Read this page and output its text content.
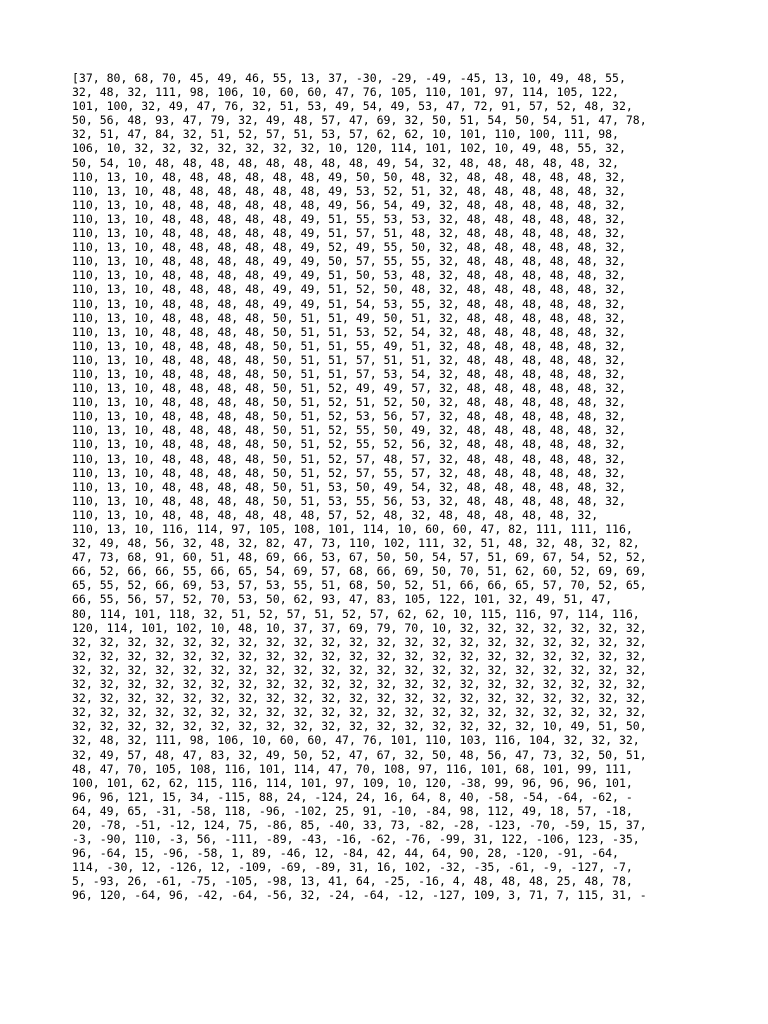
[37, 80, 68, 70, 45, 49, 46, 55, 13, 37, -30, -29, -49, -45, 13, 10, 49, 48, 55,
32, 48, 32, 111, 98, 106, 10, 60, 60, 47, 76, 105, 110, 101, 97, 114, 105, 122,
101, 100, 32, 49, 47, 76, 32, 51, 53, 49, 54, 49, 53, 47, 72, 91, 57, 52, 48, 32,
50, 56, 48, 93, 47, 79, 32, 49, 48, 57, 47, 69, 32, 50, 51, 54, 50, 54, 51, 47, 78,
32, 51, 47, 84, 32, 51, 52, 57, 51, 53, 57, 62, 62, 10, 101, 110, 100, 111, 98,
106, 10, 32, 32, 32, 32, 32, 32, 32, 10, 120, 114, 101, 102, 10, 49, 48, 55, 32,
50, 54, 10, 48, 48, 48, 48, 48, 48, 48, 48, 49, 54, 32, 48, 48, 48, 48, 48, 32,
110, 13, 10, 48, 48, 48, 48, 48, 48, 49, 50, 50, 48, 32, 48, 48, 48, 48, 48, 32,
110, 13, 10, 48, 48, 48, 48, 48, 48, 49, 53, 52, 51, 32, 48, 48, 48, 48, 48, 32,
110, 13, 10, 48, 48, 48, 48, 48, 48, 49, 56, 54, 49, 32, 48, 48, 48, 48, 48, 32,
110, 13, 10, 48, 48, 48, 48, 48, 49, 51, 55, 53, 53, 32, 48, 48, 48, 48, 48, 32,
110, 13, 10, 48, 48, 48, 48, 48, 49, 51, 57, 51, 48, 32, 48, 48, 48, 48, 48, 32,
110, 13, 10, 48, 48, 48, 48, 48, 49, 52, 49, 55, 50, 32, 48, 48, 48, 48, 48, 32,
110, 13, 10, 48, 48, 48, 48, 49, 49, 50, 57, 55, 55, 32, 48, 48, 48, 48, 48, 32,
110, 13, 10, 48, 48, 48, 48, 49, 49, 51, 50, 53, 48, 32, 48, 48, 48, 48, 48, 32,
110, 13, 10, 48, 48, 48, 48, 49, 49, 51, 52, 50, 48, 32, 48, 48, 48, 48, 48, 32,
110, 13, 10, 48, 48, 48, 48, 49, 49, 51, 54, 53, 55, 32, 48, 48, 48, 48, 48, 32,
110, 13, 10, 48, 48, 48, 48, 50, 51, 51, 49, 50, 51, 32, 48, 48, 48, 48, 48, 32,
110, 13, 10, 48, 48, 48, 48, 50, 51, 51, 53, 52, 54, 32, 48, 48, 48, 48, 48, 32,
110, 13, 10, 48, 48, 48, 48, 50, 51, 51, 55, 49, 51, 32, 48, 48, 48, 48, 48, 32,
110, 13, 10, 48, 48, 48, 48, 50, 51, 51, 57, 51, 51, 32, 48, 48, 48, 48, 48, 32,
110, 13, 10, 48, 48, 48, 48, 50, 51, 51, 57, 53, 54, 32, 48, 48, 48, 48, 48, 32,
110, 13, 10, 48, 48, 48, 48, 50, 51, 52, 49, 49, 57, 32, 48, 48, 48, 48, 48, 32,
110, 13, 10, 48, 48, 48, 48, 50, 51, 52, 51, 52, 50, 32, 48, 48, 48, 48, 48, 32,
110, 13, 10, 48, 48, 48, 48, 50, 51, 52, 53, 56, 57, 32, 48, 48, 48, 48, 48, 32,
110, 13, 10, 48, 48, 48, 48, 50, 51, 52, 55, 50, 49, 32, 48, 48, 48, 48, 48, 32,
110, 13, 10, 48, 48, 48, 48, 50, 51, 52, 55, 52, 56, 32, 48, 48, 48, 48, 48, 32,
110, 13, 10, 48, 48, 48, 48, 50, 51, 52, 57, 48, 57, 32, 48, 48, 48, 48, 48, 32,
110, 13, 10, 48, 48, 48, 48, 50, 51, 52, 57, 55, 57, 32, 48, 48, 48, 48, 48, 32,
110, 13, 10, 48, 48, 48, 48, 50, 51, 53, 50, 49, 54, 32, 48, 48, 48, 48, 48, 32,
110, 13, 10, 48, 48, 48, 48, 50, 51, 53, 55, 56, 53, 32, 48, 48, 48, 48, 48, 32,
110, 13, 10, 48, 48, 48, 48, 48, 48, 57, 52, 48, 32, 48, 48, 48, 48, 48, 32,
110, 13, 10, 116, 114, 97, 105, 108, 101, 114, 10, 60, 60, 47, 82, 111, 111, 116,
32, 49, 48, 56, 32, 48, 32, 82, 47, 73, 110, 102, 111, 32, 51, 48, 32, 48, 32, 82,
47, 73, 68, 91, 60, 51, 48, 69, 66, 53, 67, 50, 50, 54, 57, 51, 69, 67, 54, 52, 52,
66, 52, 66, 66, 55, 66, 65, 54, 69, 57, 68, 66, 69, 50, 70, 51, 62, 60, 52, 69, 69,
65, 55, 52, 66, 69, 53, 57, 53, 55, 51, 68, 50, 52, 51, 66, 66, 65, 57, 70, 52, 65,
66, 55, 56, 57, 52, 70, 53, 50, 62, 93, 47, 83, 105, 122, 101, 32, 49, 51, 47,
80, 114, 101, 118, 32, 51, 52, 57, 51, 52, 57, 62, 62, 10, 115, 116, 97, 114, 116,
120, 114, 101, 102, 10, 48, 10, 37, 37, 69, 79, 70, 10, 32, 32, 32, 32, 32, 32, 32,
32, 32, 32, 32, 32, 32, 32, 32, 32, 32, 32, 32, 32, 32, 32, 32, 32, 32, 32, 32, 32,
32, 32, 32, 32, 32, 32, 32, 32, 32, 32, 32, 32, 32, 32, 32, 32, 32, 32, 32, 32, 32,
32, 32, 32, 32, 32, 32, 32, 32, 32, 32, 32, 32, 32, 32, 32, 32, 32, 32, 32, 32, 32,
32, 32, 32, 32, 32, 32, 32, 32, 32, 32, 32, 32, 32, 32, 32, 32, 32, 32, 32, 32, 32,
32, 32, 32, 32, 32, 32, 32, 32, 32, 32, 32, 32, 32, 32, 32, 32, 32, 32, 32, 32, 32,
32, 32, 32, 32, 32, 32, 32, 32, 32, 32, 32, 32, 32, 32, 32, 32, 32, 32, 32, 32, 32,
32, 32, 32, 32, 32, 32, 32, 32, 32, 32, 32, 32, 32, 32, 32, 32, 32, 10, 49, 51, 50,
32, 48, 32, 111, 98, 106, 10, 60, 60, 47, 76, 101, 110, 103, 116, 104, 32, 32, 32,
32, 49, 57, 48, 47, 83, 32, 49, 50, 52, 47, 67, 32, 50, 48, 56, 47, 73, 32, 50, 51,
48, 47, 70, 105, 108, 116, 101, 114, 47, 70, 108, 97, 116, 101, 68, 101, 99, 111,
100, 101, 62, 62, 115, 116, 114, 101, 97, 109, 10, 120, -38, 99, 96, 96, 96, 101,
96, 96, 121, 15, 34, -115, 88, 24, -124, 24, 16, 64, 8, 40, -58, -54, -64, -62, -
64, 49, 65, -31, -58, 118, -96, -102, 25, 91, -10, -84, 98, 112, 49, 18, 57, -18,
20, -78, -51, -12, 124, 75, -86, 85, -40, 33, 73, -82, -28, -123, -70, -59, 15, 37,
-3, -90, 110, -3, 56, -111, -89, -43, -16, -62, -76, -99, 31, 122, -106, 123, -35,
96, -64, 15, -96, -58, 1, 89, -46, 12, -84, 42, 44, 64, 90, 28, -120, -91, -64,
114, -30, 12, -126, 12, -109, -69, -89, 31, 16, 102, -32, -35, -61, -9, -127, -7,
5, -93, 26, -61, -75, -105, -98, 13, 41, 64, -25, -16, 4, 48, 48, 48, 25, 48, 78,
96, 120, -64, 96, -42, -64, -56, 32, -24, -64, -12, -127, 109, 3, 71, 7, 115, 31, -
